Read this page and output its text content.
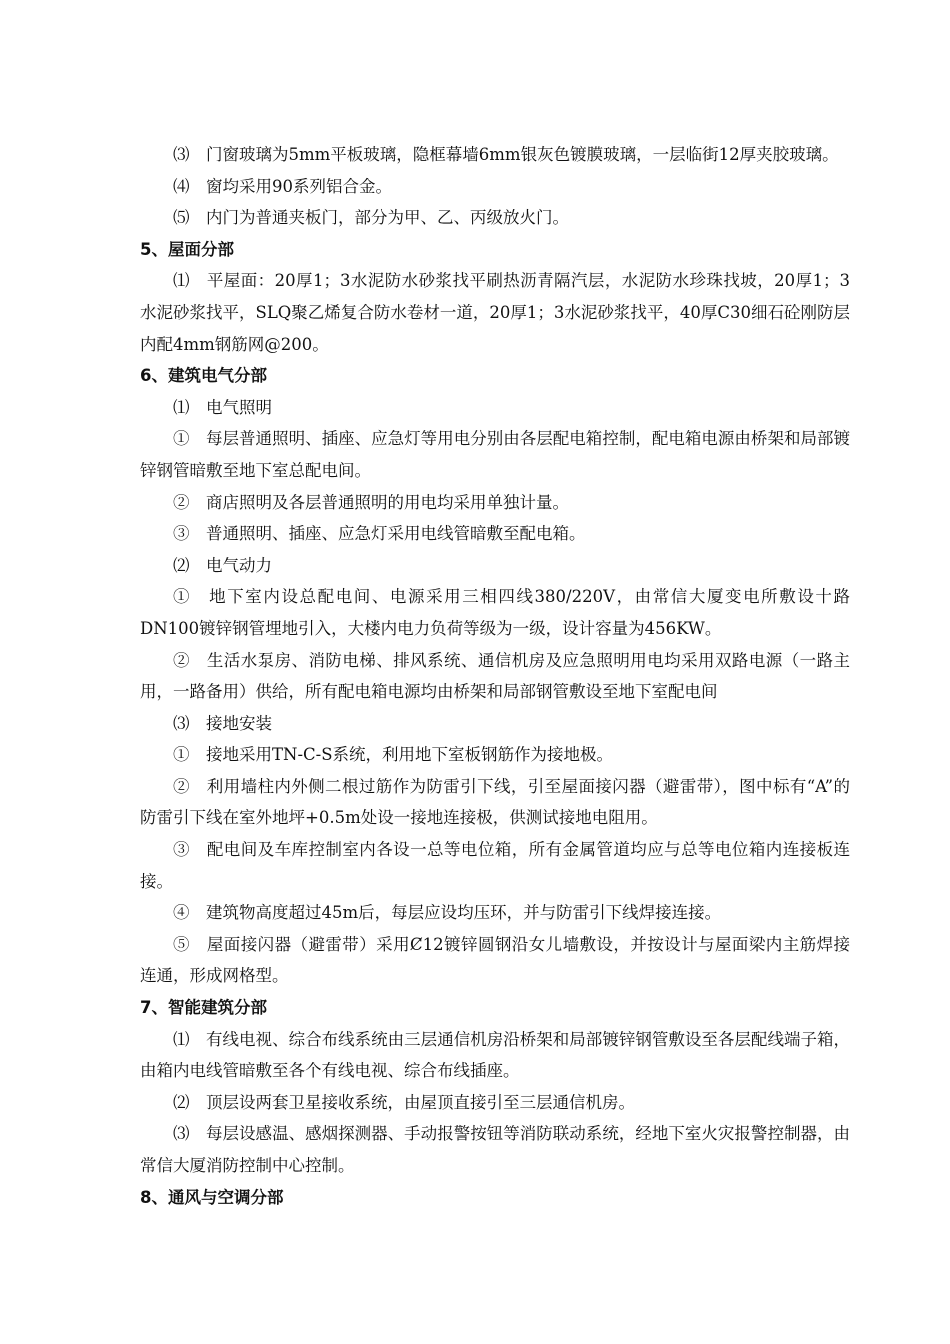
⑶　门窗玻璃为5mm平板玻璃，隐框幕墙6mm银灰色镀膜玻璃，一层临街12厚夹胶玻璃。

⑷　窗均采用90系列铝合金。

⑸　内门为普通夹板门，部分为甲、乙、丙级放火门。

5、屋面分部

⑴　平屋面：20厚1；3水泥防水砂浆找平刷热沥青隔汽层，水泥防水珍珠找坡，20厚1；3水泥砂浆找平，SLQ聚乙烯复合防水卷材一道，20厚1；3水泥砂浆找平，40厚C30细石砼刚防层内配4mm钢筋网@200。

6、建筑电气分部

⑴　电气照明

①　每层普通照明、插座、应急灯等用电分别由各层配电箱控制，配电箱电源由桥架和局部镀锌钢管暗敷至地下室总配电间。

②　商店照明及各层普通照明的用电均采用单独计量。

③　普通照明、插座、应急灯采用电线管暗敷至配电箱。

⑵　电气动力

①　地下室内设总配电间、电源采用三相四线380/220V，由常信大厦变电所敷设十路DN100镀锌钢管埋地引入，大楼内电力负荷等级为一级，设计容量为456KW。

②　生活水泵房、消防电梯、排风系统、通信机房及应急照明用电均采用双路电源（一路主用，一路备用）供给，所有配电箱电源均由桥架和局部钢管敷设至地下室配电间

⑶　接地安装

①　接地采用TN-C-S系统，利用地下室板钢筋作为接地极。

②　利用墙柱内外侧二根过筋作为防雷引下线，引至屋面接闪器（避雷带），图中标有“A”的防雷引下线在室外地坪+0.5m处设一接地连接极，供测试接地电阻用。

③　配电间及车库控制室内各设一总等电位箱，所有金属管道均应与总等电位箱内连接板连接。

④　建筑物高度超过45m后，每层应设均压环，并与防雷引下线焊接连接。

⑤　屋面接闪器（避雷带）采用Ȼ12镀锌圆钢沿女儿墙敷设，并按设计与屋面梁内主筋焊接连通，形成网格型。

7、智能建筑分部

⑴　有线电视、综合布线系统由三层通信机房沿桥架和局部镀锌钢管敷设至各层配线端子箱，由箱内电线管暗敷至各个有线电视、综合布线插座。

⑵　顶层设两套卫星接收系统，由屋顶直接引至三层通信机房。

⑶　每层设感温、感烟探测器、手动报警按钮等消防联动系统，经地下室火灾报警控制器，由常信大厦消防控制中心控制。

8、通风与空调分部
